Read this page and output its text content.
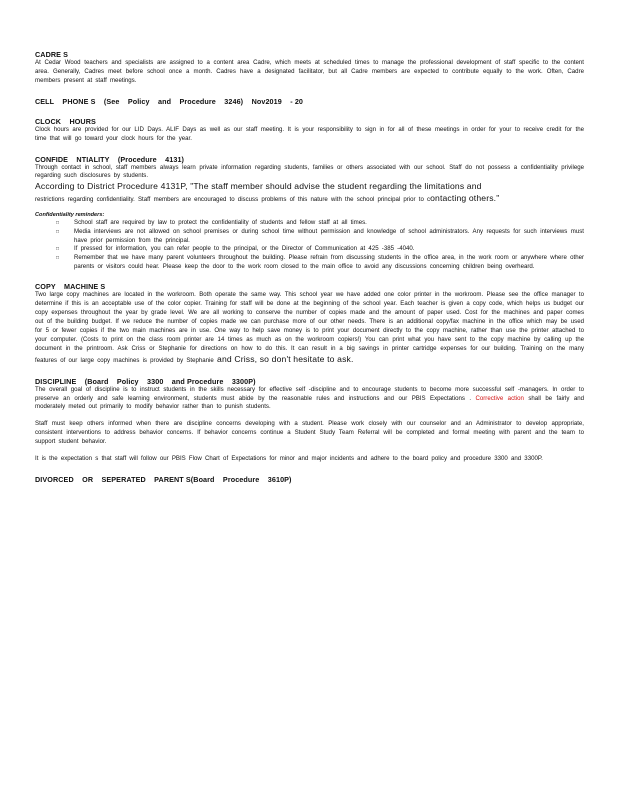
CADRE S

At Cedar Wood teachers and specialists are assigned to a content area Cadre, which meets at scheduled times to manage the professional development of staff specific to the content area. Generally, Cadres meet before school once a month. Cadres have a designated facilitator, but all Cadre members are expected to contribute equally to the work. Often, Cadre members present at staff meetings.

CELL    PHONE S    (See    Policy    and    Procedure    3246)    Nov2019    - 20
CLOCK    HOURS

Clock hours are provided for our LID Days. ALIF Days as well as our staff meeting. It is your responsibility to sign in for all of these meetings in order for your to receive credit for the time that will go toward your clock hours for the year.

CONFIDE    NTIALITY    (Procedure    4131)

Through contact in school, staff members always learn private information regarding students, families or others associated with our school. Staff do not possess a confidentiality privilege regarding such disclosures by students.
According to District Procedure 4131P, "The staff member should advise the student regarding the limitations and
restrictions regarding confidentiality. Staff members are encouraged to discuss problems of this nature with the school principal prior to contacting others."

Confidentiality reminders:
□ School staff are required by law to protect the confidentiality of students and fellow staff at all times.
□ Media interviews are not allowed on school premises or during school time without permission and knowledge of school administrators. Any requests for such interviews must have prior permission from the principal.
□ If pressed for information, you can refer people to the principal, or the Director of Communication at 425 -385 -4040.
□ Remember that we have many parent volunteers throughout the building. Please refrain from discussing students in the office area, in the work room or anywhere where other parents or visitors could hear. Please keep the door to the work room closed to the main office to avoid any discussions concerning children being overheard.
COPY    MACHINE S

Two large copy machines are located in the workroom. Both operate the same way. This school year we have added one color printer in the workroom. Please see the office manager to determine if this is an acceptable use of the color copier. Training for staff will be done at the beginning of the school year. Each teacher is given a copy code, which helps us budget our copy expenses throughout the year by grade level. We are all working to conserve the number of copies made and the amount of paper used. Cost for the machines and paper comes out of the building budget. If we reduce the number of copies made we can purchase more of our other needs. There is an additional copy/fax machine in the office which may be used for 5 or fewer copies if the two main machines are in use. One way to help save money is to print your document directly to the copy machine, rather than use the printer attached to your computer. (Costs to print on the class room printer are 14 times as much as on the workroom copiers!) You can print what you have sent to the copy machine by calling up the document in the printroom. Ask Criss or Stephanie for directions on how to do this. It can result in a big savings in printer cartridge expenses for our building. Training on the many features of our large copy machines is provided by Stephanie and Criss, so don't hesitate to ask.

DISCIPLINE    (Board    Policy    3300    and Procedure    3300P)

The overall goal of discipline is to instruct students in the skills necessary for effective self -discipline and to encourage students to become more successful self -managers. In order to preserve an orderly and safe learning environment, students must abide by the reasonable rules and instructions and our PBIS Expectations . Corrective action shall be fairly and moderately meted out primarily to modify behavior rather than to punish students.

Staff must keep others informed when there are discipline concerns developing with a student. Please work closely with our counselor and an Administrator to develop appropriate, consistent interventions to address behavior concerns. If behavior concerns continue a Student Study Team Referral will be completed and formal meeting with parent and the team to support student behavior.

It is the expectation s that staff will follow our PBIS Flow Chart of Expectations for minor and major incidents and adhere to the board policy and procedure 3300 and 3300P.

DIVORCED    OR    SEPERATED    PARENT S(Board    Procedure    3610P)
